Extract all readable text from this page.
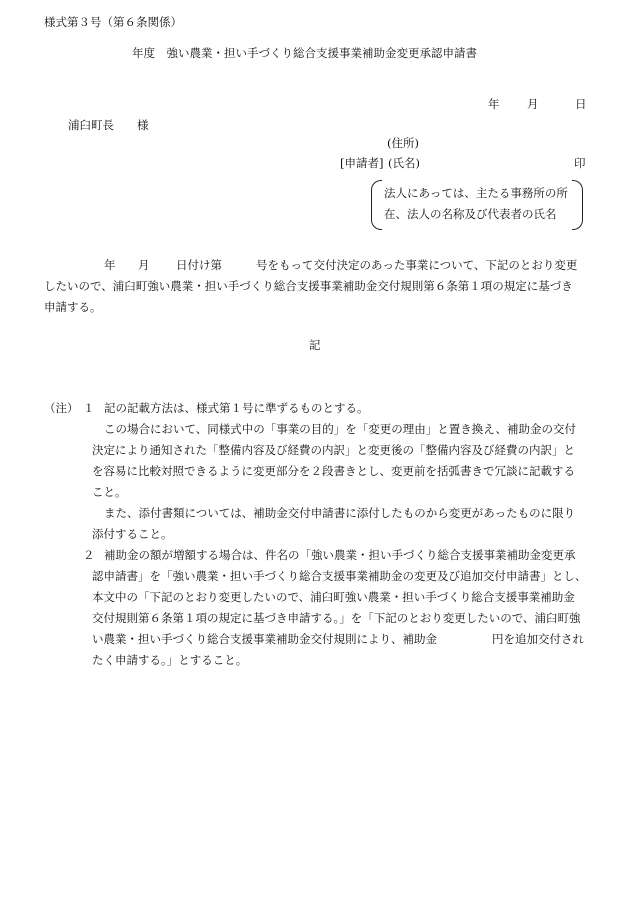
様式第３号（第６条関係）
年度　強い農業・担い手づくり総合支援事業補助金変更承認申請書
年 月	日
浦臼町長　　様
(住所)
[申請者] (氏名)	印
法人にあっては、主たる事務所の所
在、法人の名称及び代表者の氏名
年 月 日付け第	号をもって交付決定のあった事業について、下記のとおり変更
したいので、浦臼町強い農業・担い手づくり総合支援事業補助金交付規則第６条第１項の規定に基づき
申請する。
記
（注） １ 記の記載方法は、様式第１号に準ずるものとする。
この場合において、同様式中の「事業の目的」を「変更の理由」と置き換え、補助金の交付
決定により通知された「整備内容及び経費の内訳」と変更後の「整備内容及び経費の内訳」と
を容易に比較対照できるように変更部分を２段書きとし、変更前を括弧書きで冗談に記載する
こと。
また、添付書類については、補助金交付申請書に添付したものから変更があったものに限り
添付すること。
２ 補助金の額が増額する場合は、件名の「強い農業・担い手づくり総合支援事業補助金変更承
認申請書」を「強い農業・担い手づくり総合支援事業補助金の変更及び追加交付申請書」とし、
本文中の「下記のとおり変更したいので、浦臼町強い農業・担い手づくり総合支援事業補助金
交付規則第６条第１項の規定に基づき申請する。」を「下記のとおり変更したいので、浦臼町強
い農業・担い手づくり総合支援事業補助金交付規則により、補助金	円を追加交付され
たく申請する。」とすること。
